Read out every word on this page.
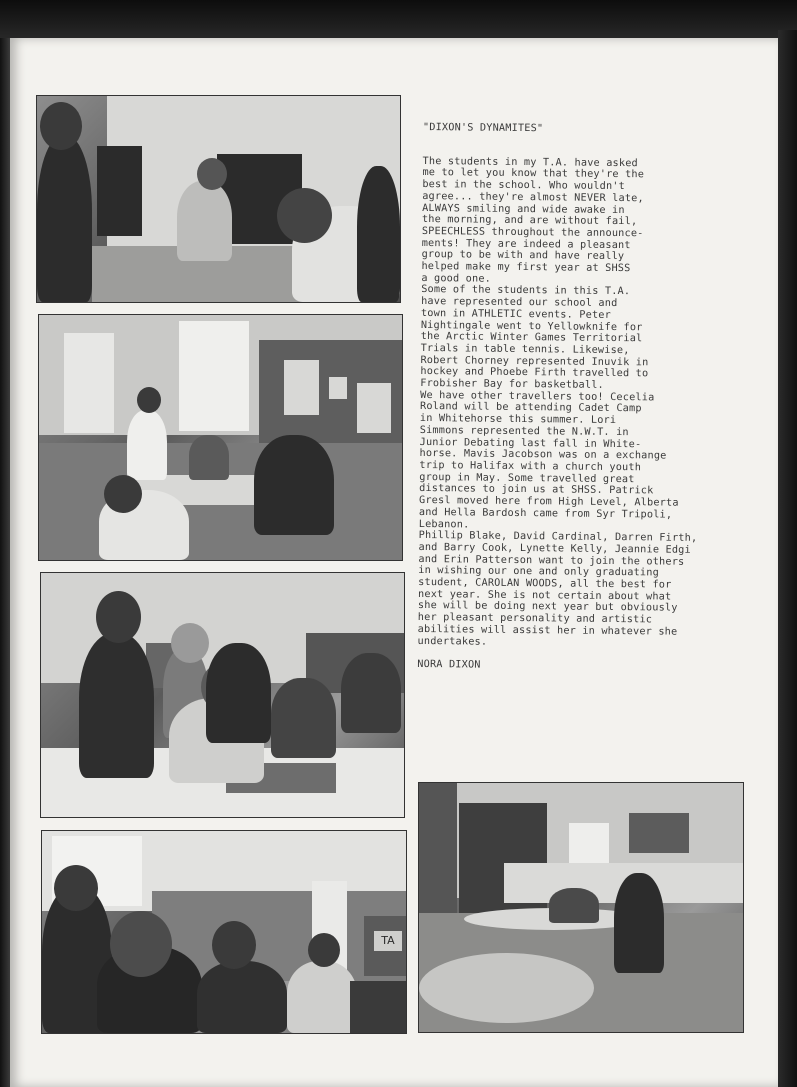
TA
"DIXON'S DYNAMITES"

The students in my T.A. have asked
me to let you know that they're the
best in the school. Who wouldn't
agree... they're almost NEVER late,
ALWAYS smiling and wide awake in
the morning, and are without fail,
SPEECHLESS throughout the announce-
ments! They are indeed a pleasant
group to be with and have really
helped make my first year at SHSS
a good one.
Some of the students in this T.A.
have represented our school and
town in ATHLETIC events. Peter
Nightingale went to Yellowknife for
the Arctic Winter Games Territorial
Trials in table tennis. Likewise,
Robert Chorney represented Inuvik in
hockey and Phoebe Firth travelled to
Frobisher Bay for basketball.
We have other travellers too! Cecelia
Roland will be attending Cadet Camp
in Whitehorse this summer. Lori
Simmons represented the N.W.T. in
Junior Debating last fall in White-
horse. Mavis Jacobson was on a exchange
trip to Halifax with a church youth
group in May. Some travelled great
distances to join us at SHSS. Patrick
Gresl moved here from High Level, Alberta
and Hella Bardosh came from Syr Tripoli,
Lebanon.
Phillip Blake, David Cardinal, Darren Firth,
and Barry Cook, Lynette Kelly, Jeannie Edgi
and Erin Patterson want to join the others
in wishing our one and only graduating
student, CAROLAN WOODS, all the best for
next year. She is not certain about what
she will be doing next year but obviously
her pleasant personality and artistic
abilities will assist her in whatever she
undertakes.

NORA DIXON
